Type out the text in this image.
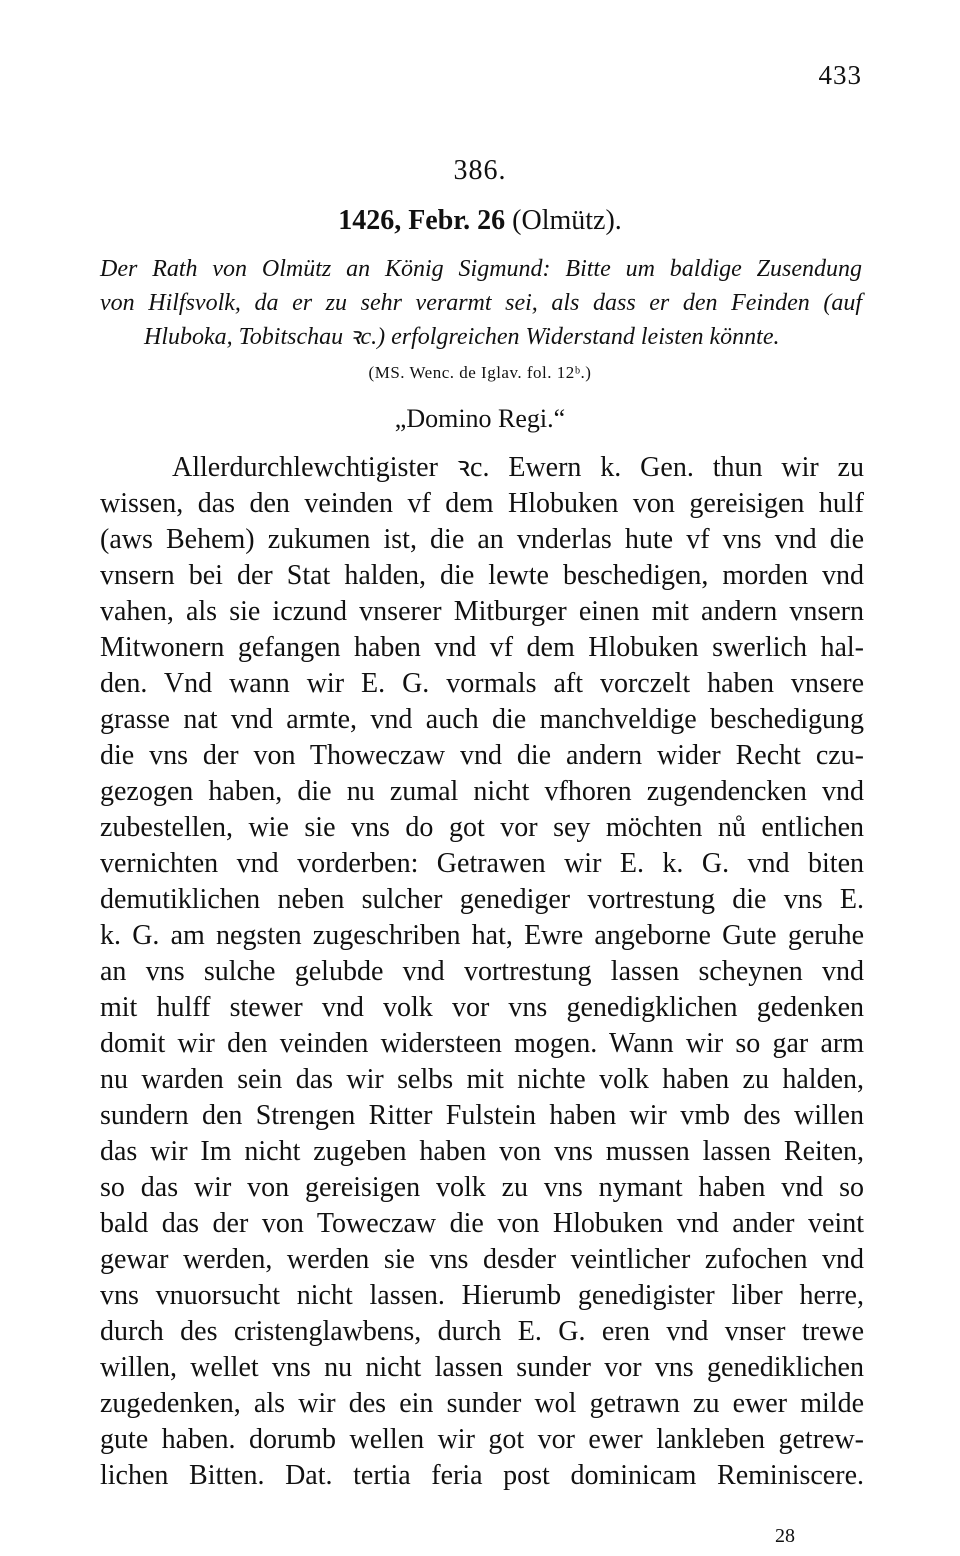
433
386.
1426, Febr. 26 (Olmütz).
Der Rath von Olmütz an König Sigmund: Bitte um baldige Zusendung
von Hilfsvolk, da er zu sehr verarmt sei, als dass er den Feinden (auf
Hluboka, Tobitschau ꝛc.) erfolgreichen Widerstand leisten könnte.
(MS. Wenc. de Iglav. fol. 12ᵇ.)
„Domino Regi.“
Allerdurchlewchtigister ꝛc. Ewern k. Gen. thun wir zu
wissen, das den veinden vf dem Hlobuken von gereisigen hulf
(aws Behem) zukumen ist, die an vnderlas hute vf vns vnd die
vnsern bei der Stat halden, die lewte beschedigen, morden vnd
vahen, als sie iczund vnserer Mitburger einen mit andern vnsern
Mitwonern gefangen haben vnd vf dem Hlobuken swerlich hal-
den. Vnd wann wir E. G. vormals aft vorczelt haben vnsere
grasse nat vnd armte, vnd auch die manchveldige beschedigung
die vns der von Thoweczaw vnd die andern wider Recht czu-
gezogen haben, die nu zumal nicht vfhoren zugendencken vnd
zubestellen, wie sie vns do got vor sey möchten nů entlichen
vernichten vnd vorderben: Getrawen wir E. k. G. vnd biten
demutiklichen neben sulcher genediger vortrestung die vns E.
k. G. am negsten zugeschriben hat, Ewre angeborne Gute geruhe
an vns sulche gelubde vnd vortrestung lassen scheynen vnd
mit hulff stewer vnd volk vor vns genedigklichen gedenken
domit wir den veinden widersteen mogen. Wann wir so gar arm
nu warden sein das wir selbs mit nichte volk haben zu halden,
sundern den Strengen Ritter Fulstein haben wir vmb des willen
das wir Im nicht zugeben haben von vns mussen lassen Reiten,
so das wir von gereisigen volk zu vns nymant haben vnd so
bald das der von Toweczaw die von Hlobuken vnd ander veint
gewar werden, werden sie vns desder veintlicher zufochen vnd
vns vnuorsucht nicht lassen. Hierumb genedigister liber herre,
durch des cristenglawbens, durch E. G. eren vnd vnser trewe
willen, wellet vns nu nicht lassen sunder vor vns genediklichen
zugedenken, als wir des ein sunder wol getrawn zu ewer milde
gute haben. dorumb wellen wir got vor ewer lankleben getrew-
lichen Bitten. Dat. tertia feria post dominicam Reminiscere.
28
